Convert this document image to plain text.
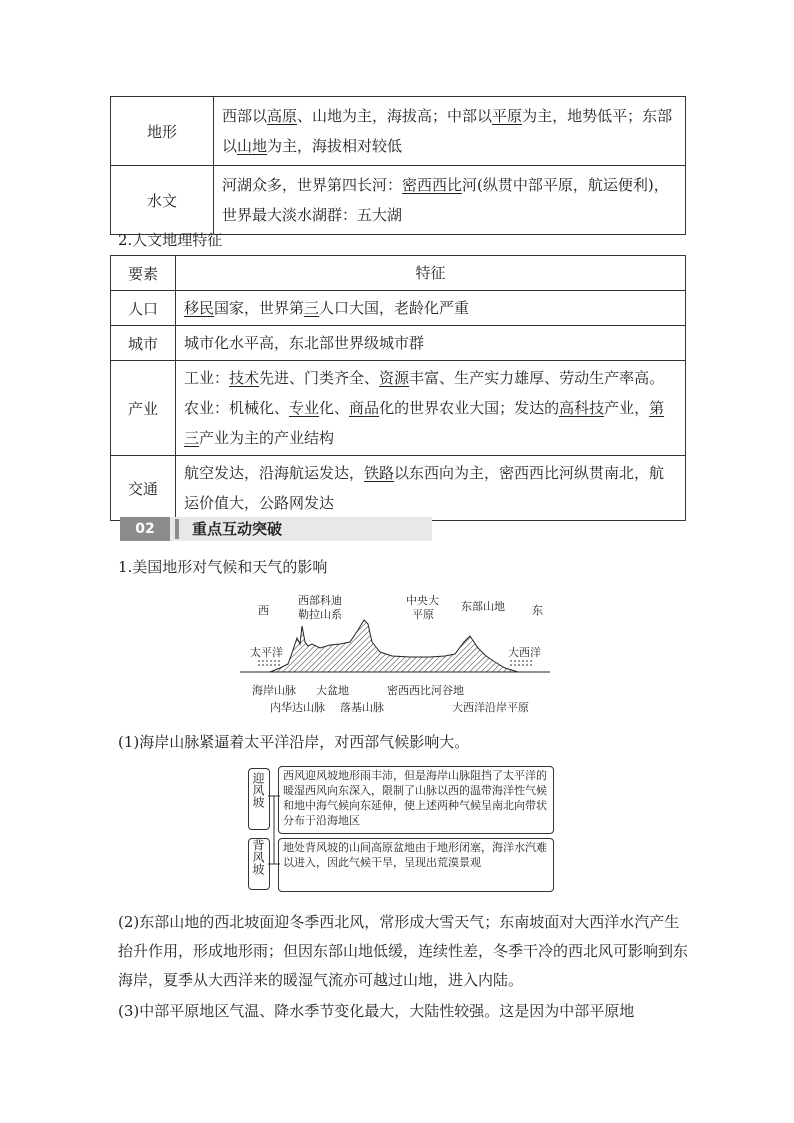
地形	西部以高原、山地为主，海拔高；中部以平原为主，地势低平；东部以山地为主，海拔相对较低
水文	河湖众多，世界第四长河：密西西比河(纵贯中部平原，航运便利)，世界最大淡水湖群：五大湖
2.人文地理特征
要素	特征
人口	移民国家，世界第三人口大国，老龄化严重
城市	城市化水平高，东北部世界级城市群
产业	工业：技术先进、门类齐全、资源丰富、生产实力雄厚、劳动生产率高。农业：机械化、专业化、商品化的世界农业大国；发达的高科技产业，第三产业为主的产业结构
交通	航空发达，沿海航运发达，铁路以东西向为主，密西西比河纵贯南北，航运价值大，公路网发达
02	重点互动突破
1.美国地形对气候和天气的影响
西	东
西部科迪
勒拉山系
中央大
平原
东部山地
太平洋	大西洋
海岸山脉 大盆地	密西西比河谷地
内华达山脉 落基山脉	大西洋沿岸平原
(1)海岸山脉紧逼着太平洋沿岸，对西部气候影响大。
迎风坡
背风坡
西风迎风坡地形雨丰沛，但是海岸山脉阻挡了太平洋的暖湿西风向东深入，限制了山脉以西的温带海洋性气候和地中海气候向东延伸，使上述两种气候呈南北向带状分布于沿海地区
地处背风坡的山间高原盆地由于地形闭塞，海洋水汽难以进入，因此气候干旱，呈现出荒漠景观
(2)东部山地的西北坡面迎冬季西北风，常形成大雪天气；东南坡面对大西洋水汽产生抬升作用，形成地形雨；但因东部山地低缓，连续性差，冬季干冷的西北风可影响到东海岸，夏季从大西洋来的暖湿气流亦可越过山地，进入内陆。
(3)中部平原地区气温、降水季节变化最大，大陆性较强。这是因为中部平原地
